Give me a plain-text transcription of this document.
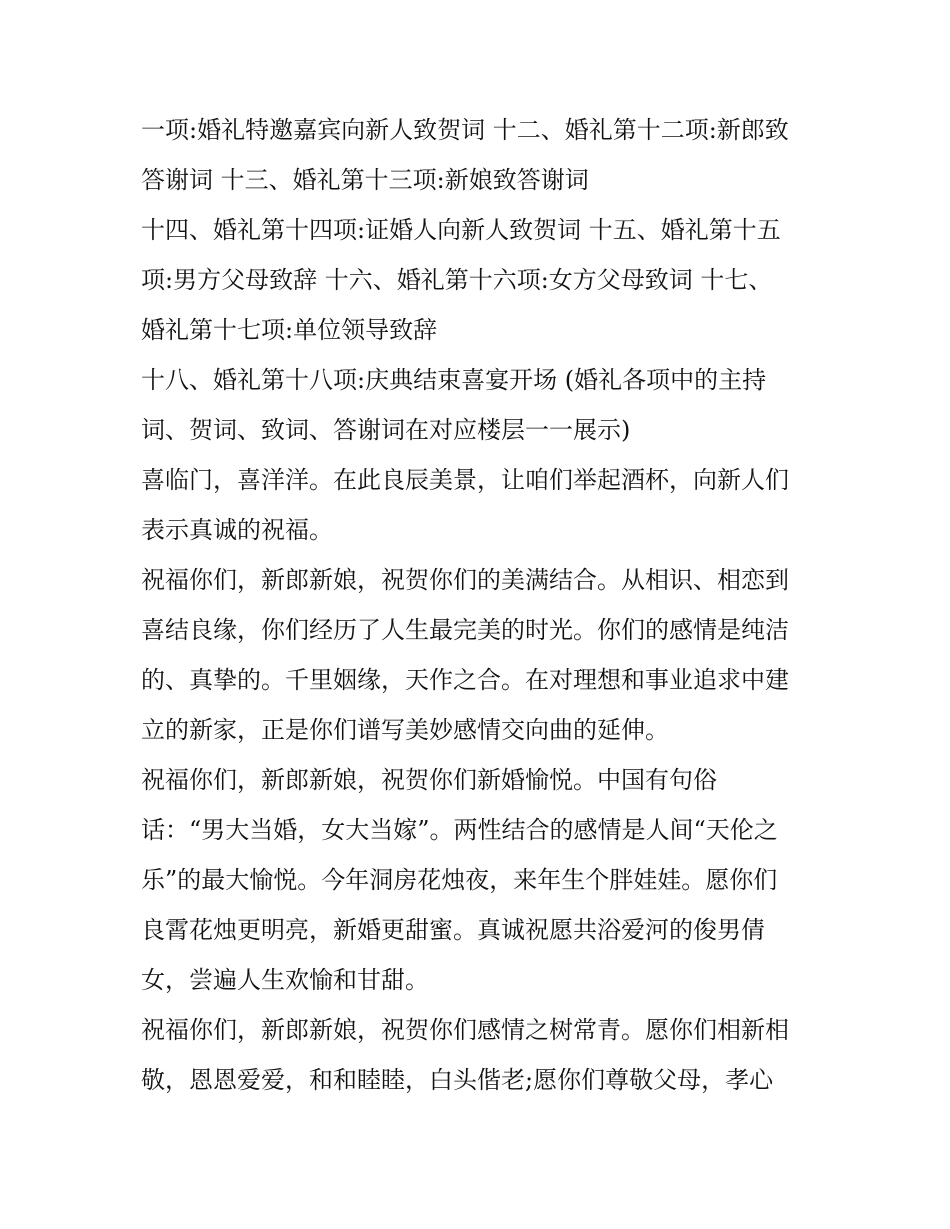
一项:婚礼特邀嘉宾向新人致贺词 十二、婚礼第十二项:新郎致
答谢词 十三、婚礼第十三项:新娘致答谢词
十四、婚礼第十四项:证婚人向新人致贺词 十五、婚礼第十五
项:男方父母致辞 十六、婚礼第十六项:女方父母致词 十七、
婚礼第十七项:单位领导致辞
十八、婚礼第十八项:庆典结束喜宴开场 (婚礼各项中的主持
词、贺词、致词、答谢词在对应楼层一一展示)
喜临门，喜洋洋。在此良辰美景，让咱们举起酒杯，向新人们
表示真诚的祝福。
祝福你们，新郎新娘，祝贺你们的美满结合。从相识、相恋到
喜结良缘，你们经历了人生最完美的时光。你们的感情是纯洁
的、真挚的。千里姻缘，天作之合。在对理想和事业追求中建
立的新家，正是你们谱写美妙感情交向曲的延伸。
祝福你们，新郎新娘，祝贺你们新婚愉悦。中国有句俗
话：“男大当婚，女大当嫁”。两性结合的感情是人间“天伦之
乐”的最大愉悦。今年洞房花烛夜，来年生个胖娃娃。愿你们
良霄花烛更明亮，新婚更甜蜜。真诚祝愿共浴爱河的俊男倩
女，尝遍人生欢愉和甘甜。
祝福你们，新郎新娘，祝贺你们感情之树常青。愿你们相新相
敬，恩恩爱爱，和和睦睦，白头偕老;愿你们尊敬父母，孝心
